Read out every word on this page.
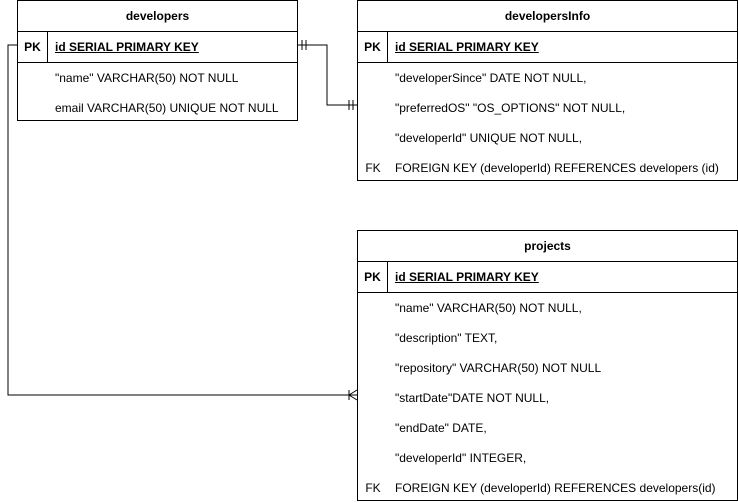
developers
PK	id SERIAL PRIMARY KEY
"name" VARCHAR(50) NOT NULL
email VARCHAR(50) UNIQUE NOT NULL
developersInfo
PK	id SERIAL PRIMARY KEY
"developerSince" DATE NOT NULL,
"preferredOS" "OS_OPTIONS" NOT NULL,
"developerId" UNIQUE NOT NULL,
FK	FOREIGN KEY (developerId) REFERENCES developers (id)
projects
PK	id SERIAL PRIMARY KEY
"name" VARCHAR(50) NOT NULL,
"description" TEXT,
"repository" VARCHAR(50) NOT NULL
"startDate"DATE NOT NULL,
"endDate" DATE,
"developerId" INTEGER,
FK	FOREIGN KEY (developerId) REFERENCES developers(id)
